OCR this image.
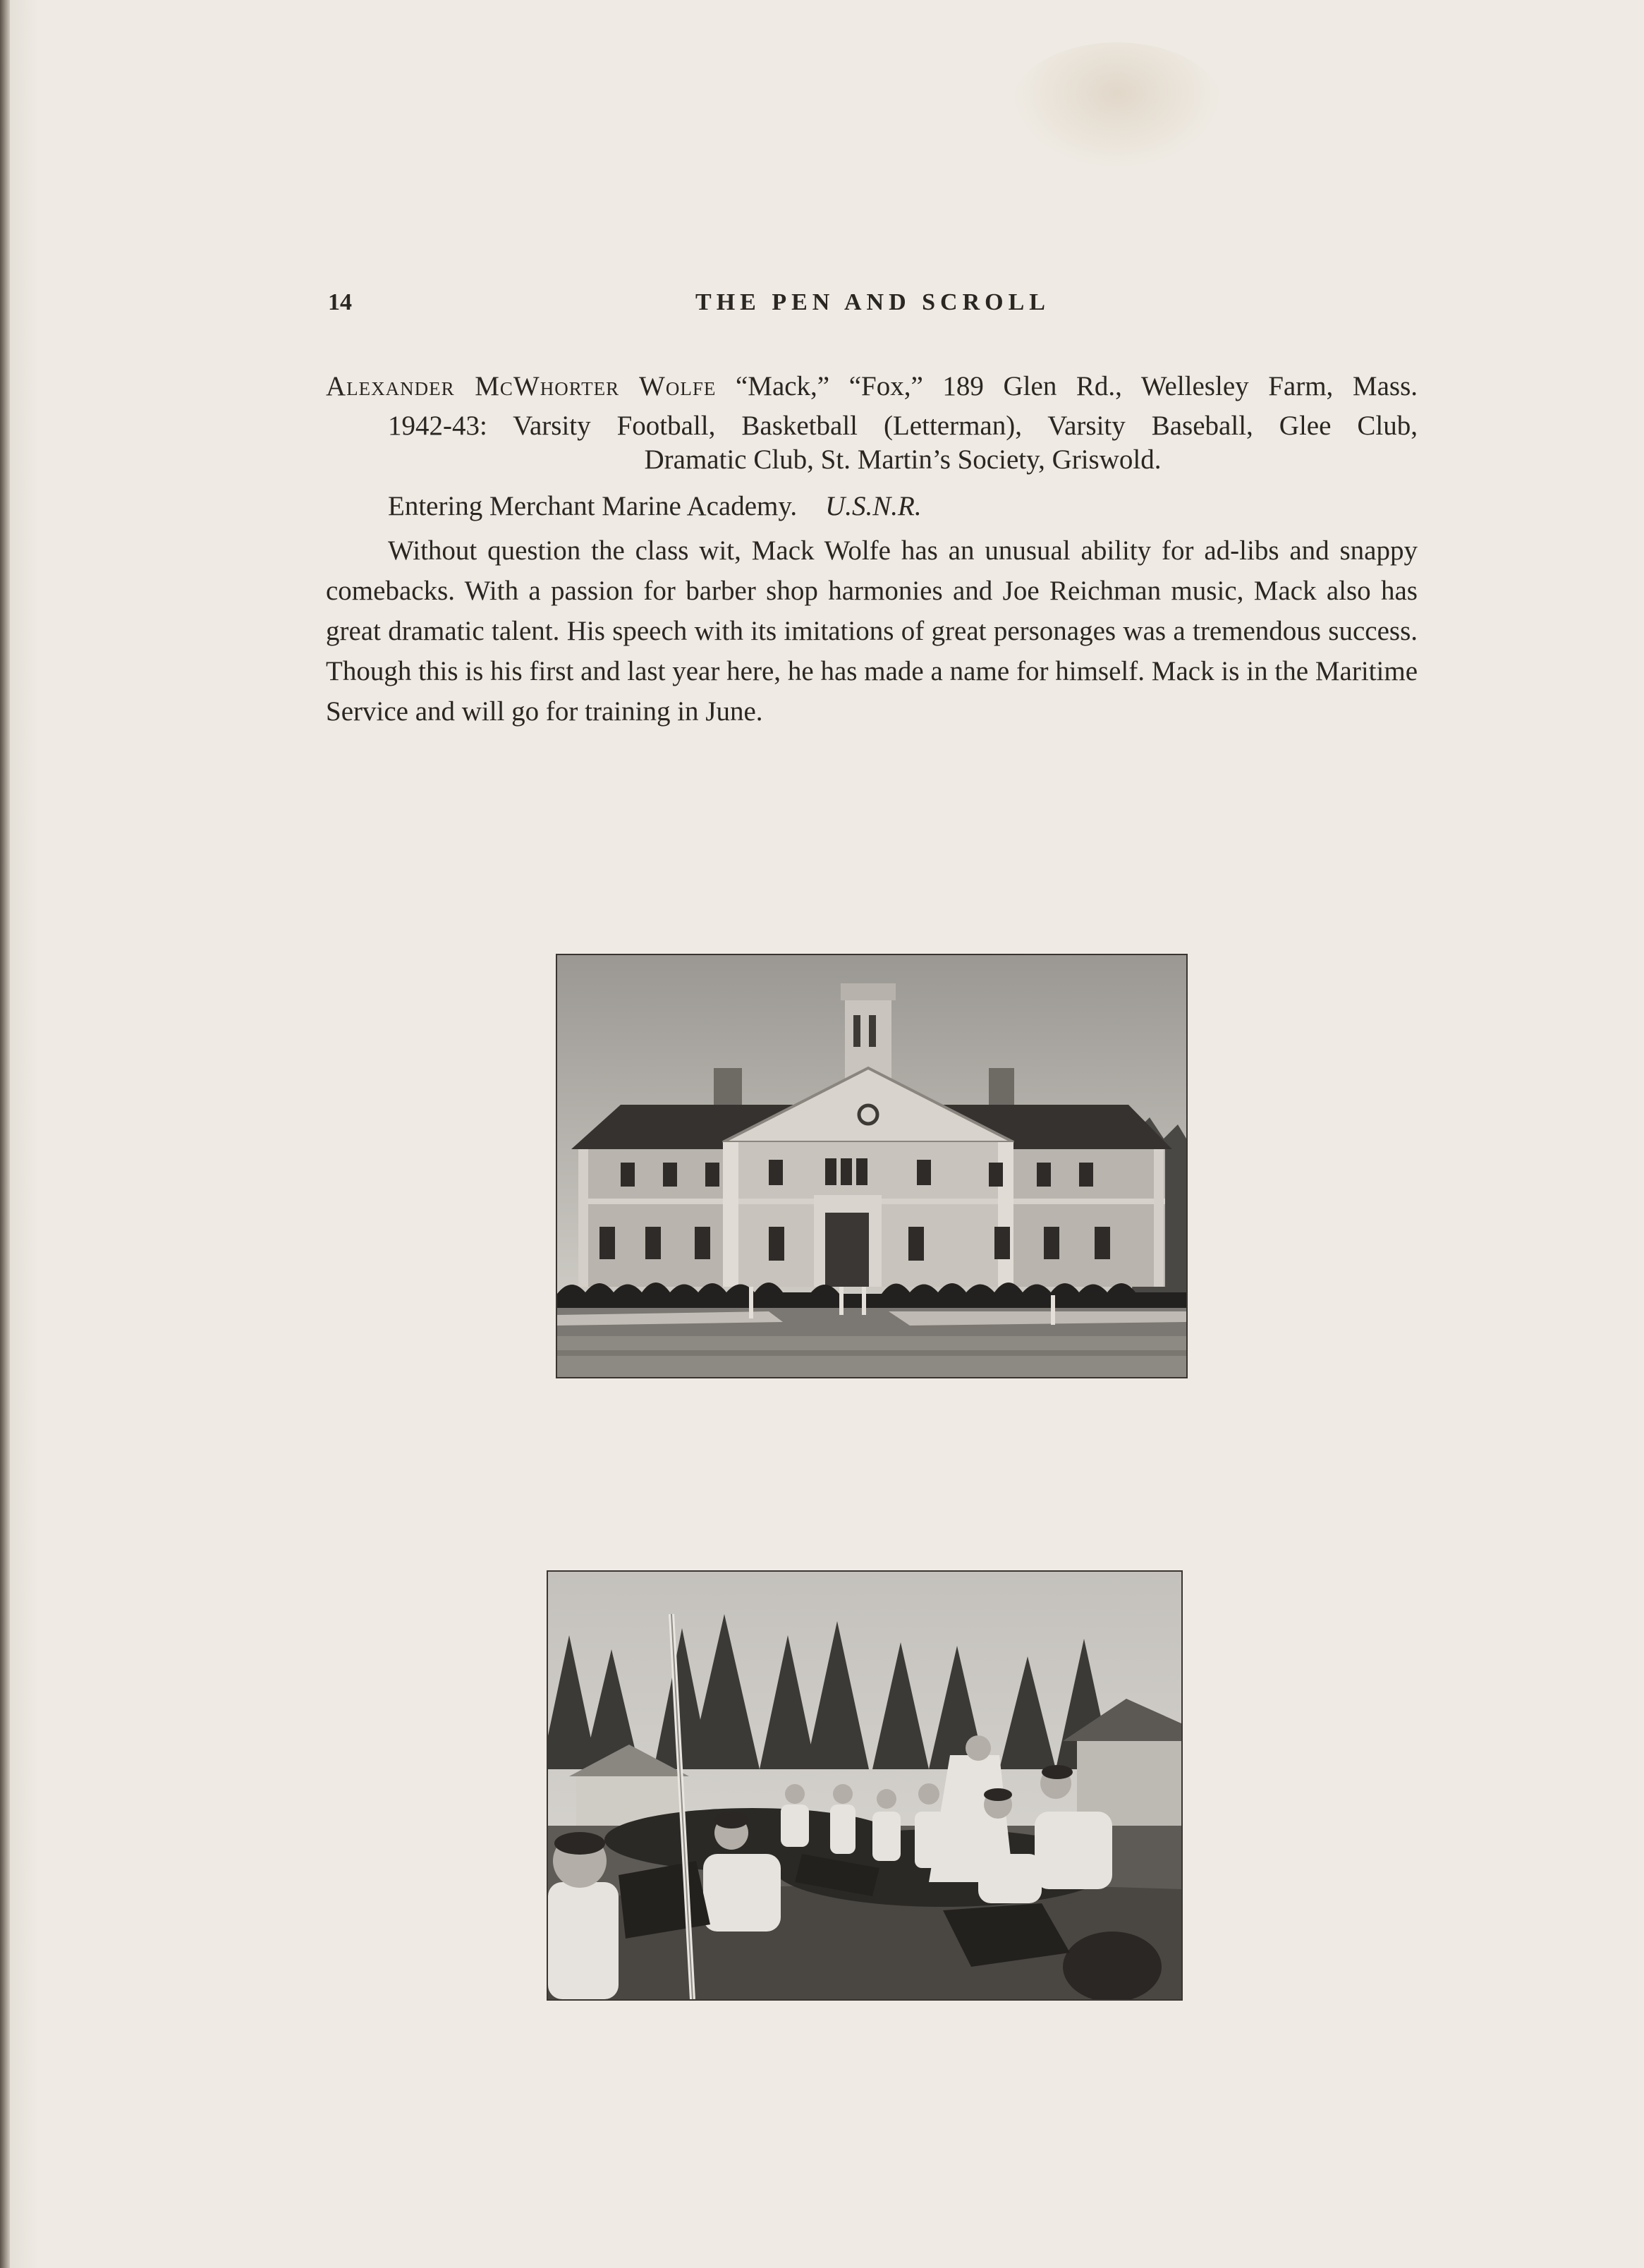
14	THE PEN AND SCROLL
Alexander McWhorter Wolfe “Mack,” “Fox,” 189 Glen Rd., Wellesley Farm, Mass.
1942-43: Varsity Football, Basketball (Letterman), Varsity Baseball, Glee Club,
Dramatic Club, St. Martin’s Society, Griswold.
Entering Merchant Marine Academy. U.S.N.R.

Without question the class wit, Mack Wolfe has an unusual ability for ad-libs and snappy comebacks. With a passion for barber shop harmonies and Joe Reichman music, Mack also has great dramatic talent. His speech with its imitations of great personages was a tremendous success. Though this is his first and last year here, he has made a name for himself. Mack is in the Maritime Service and will go for training in June.
